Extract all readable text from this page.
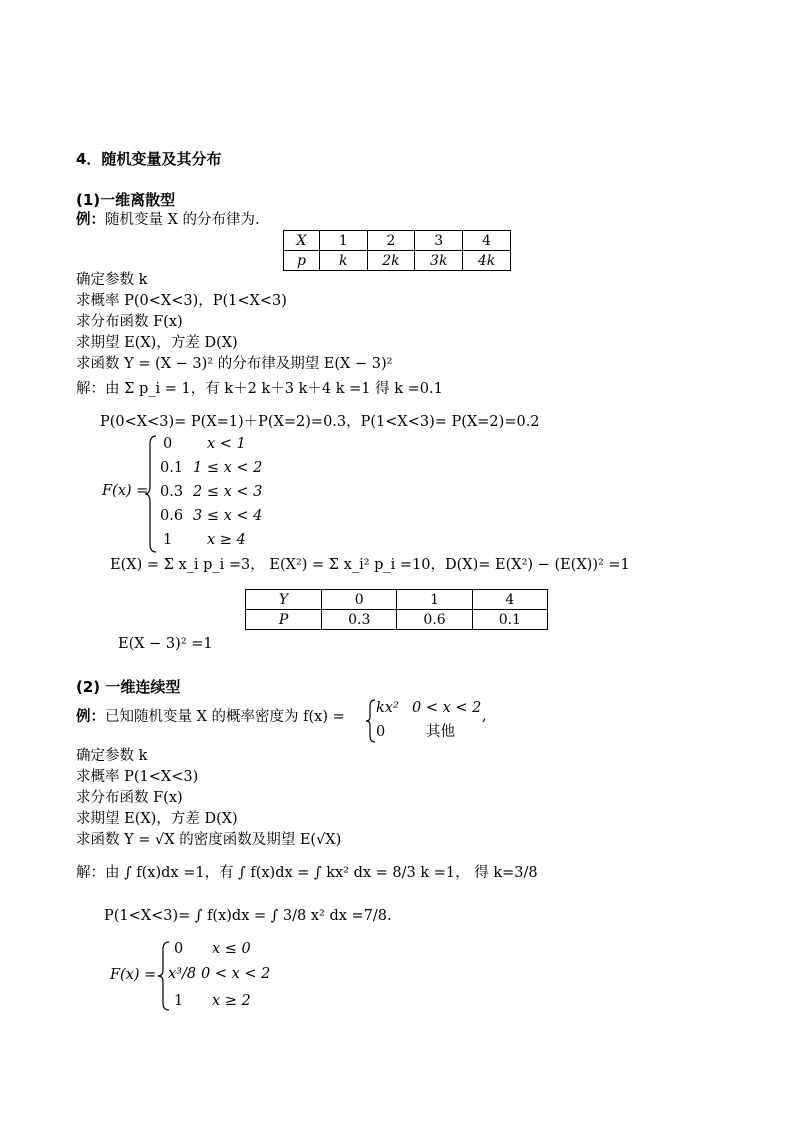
4．随机变量及其分布
(1)一维离散型
例：随机变量 X 的分布律为.
X	1	2	3	4
p	k	2k	3k	4k
确定参数 k
求概率 P(0<X<3)，P(1<X<3)
求分布函数 F(x)
求期望 E(X)，方差 D(X)
求函数 Y = (X − 3)² 的分布律及期望 E(X − 3)²
解：由 Σ p_i = 1，有 k＋2 k＋3 k＋4 k =1 得 k =0.1
P(0<X<3)= P(X=1)＋P(X=2)=0.3，P(1<X<3)= P(X=2)=0.2
F(x) =
0 x < 1
0.1 1 ≤ x < 2
0.3 2 ≤ x < 3
0.6 3 ≤ x < 4
1 x ≥ 4
E(X) = Σ x_i p_i =3， E(X²) = Σ x_i² p_i =10，D(X)= E(X²) − (E(X))² =1
Y	0	1	4
P	0.3	0.6	0.1
E(X − 3)² =1
(2) 一维连续型
例：已知随机变量 X 的概率密度为 f(x) =
kx² 0 < x < 2
0	其他
,
确定参数 k
求概率 P(1<X<3)
求分布函数 F(x)
求期望 E(X)，方差 D(X)
求函数 Y = √X 的密度函数及期望 E(√X)
解：由 ∫ f(x)dx =1，有 ∫ f(x)dx = ∫ kx² dx = 8/3 k =1， 得 k=3/8
P(1<X<3)= ∫ f(x)dx = ∫ 3/8 x² dx =7/8.
F(x) =
0 x ≤ 0
x³/8 0 < x < 2
1 x ≥ 2
